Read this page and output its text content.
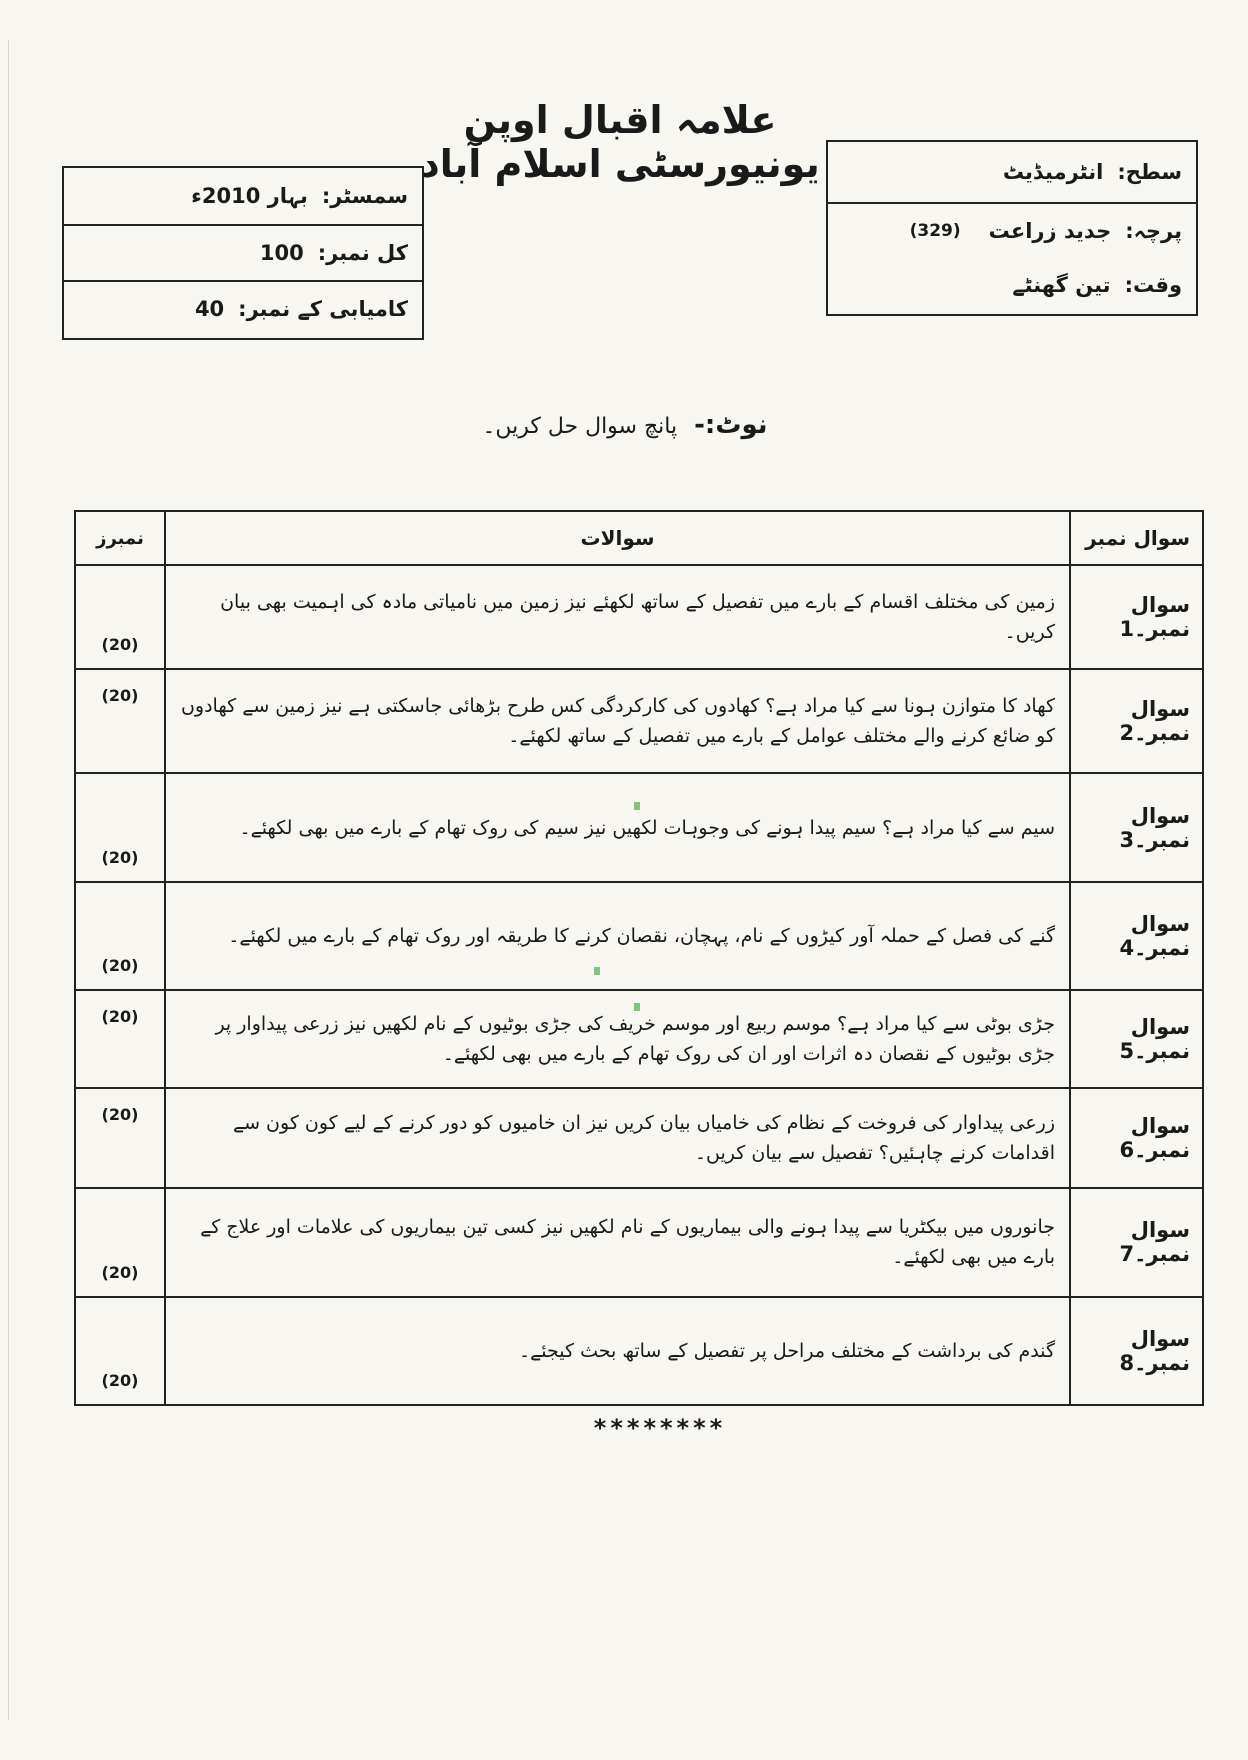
علامہ اقبال اوپن یونیورسٹی اسلام آباد
سمسٹر:
بہار 2010ء
کل نمبر:
100
کامیابی کے نمبر:
40
سطح:
انٹرمیڈیٹ
پرچہ:
جدید زراعت
(329)
وقت:
تین گھنٹے
نوٹ:- پانچ سوال حل کریں۔
سوال نمبر	سوالات	نمبرز
سوال نمبر۔1	زمین کی مختلف اقسام کے بارے میں تفصیل کے ساتھ لکھئے نیز زمین میں نامیاتی مادہ کی اہمیت بھی بیان کریں۔	(20)
سوال نمبر۔2	کھاد کا متوازن ہونا سے کیا مراد ہے؟ کھادوں کی کارکردگی کس طرح بڑھائی جاسکتی ہے نیز زمین سے کھادوں کو ضائع کرنے والے مختلف عوامل کے بارے میں تفصیل کے ساتھ لکھئے۔	(20)
سوال نمبر۔3	سیم سے کیا مراد ہے؟ سیم پیدا ہونے کی وجوہات لکھیں نیز سیم کی روک تھام کے بارے میں بھی لکھئے۔	(20)
سوال نمبر۔4	گنے کی فصل کے حملہ آور کیڑوں کے نام، پہچان، نقصان کرنے کا طریقہ اور روک تھام کے بارے میں لکھئے۔	(20)
سوال نمبر۔5	جڑی بوٹی سے کیا مراد ہے؟ موسم ربیع اور موسم خریف کی جڑی بوٹیوں کے نام لکھیں نیز زرعی پیداوار پر جڑی بوٹیوں کے نقصان دہ اثرات اور ان کی روک تھام کے بارے میں بھی لکھئے۔	(20)
سوال نمبر۔6	زرعی پیداوار کی فروخت کے نظام کی خامیاں بیان کریں نیز ان خامیوں کو دور کرنے کے لیے کون کون سے اقدامات کرنے چاہئیں؟ تفصیل سے بیان کریں۔	(20)
سوال نمبر۔7	جانوروں میں بیکٹریا سے پیدا ہونے والی بیماریوں کے نام لکھیں نیز کسی تین بیماریوں کی علامات اور علاج کے بارے میں بھی لکھئے۔	(20)
سوال نمبر۔8	گندم کی برداشت کے مختلف مراحل پر تفصیل کے ساتھ بحث کیجئے۔	(20)
********
